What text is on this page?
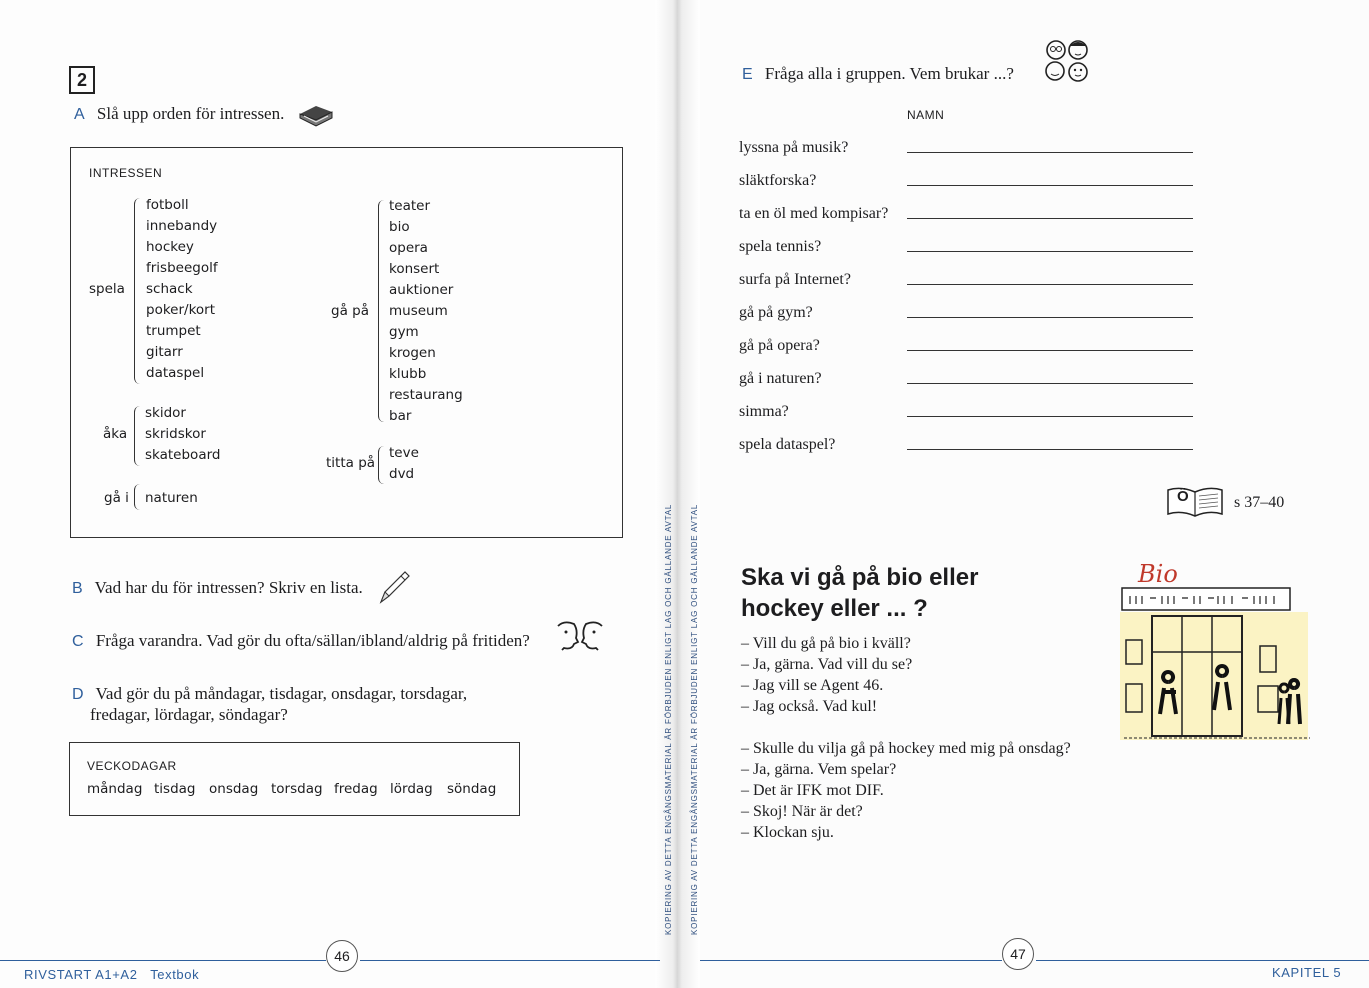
2
A Slå upp orden för intressen.
INTRESSEN
spela
fotboll
innebandy
hockey
frisbeegolf
schack
poker/kort
trumpet
gitarr
dataspel
åka
skidor
skridskor
skateboard
gå i naturen
gå på
teater
bio
opera
konsert
auktioner
museum
gym
krogen
klubb
restaurang
bar
titta på
teve
dvd
B Vad har du för intressen? Skriv en lista.
C Fråga varandra. Vad gör du ofta/sällan/ibland/aldrig på fritiden?
D Vad gör du på måndagar, tisdagar, onsdagar, torsdagar,
fredagar, lördagar, söndagar?
VECKODAGAR
måndag tisdag onsdag torsdag fredag lördag söndag
46
RIVSTART A1+A2 Textbok
KOPIERING AV DETTA ENGÅNGSMATERIAL ÄR FÖRBJUDEN ENLIGT LAG OCH GÄLLANDE AVTAL KOPIERING AV DETTA ENGÅNGSMATERIAL ÄR FÖRBJUDEN ENLIGT LAG OCH GÄLLANDE AVTAL
E Fråga alla i gruppen. Vem brukar ...?
NAMN
lyssna på musik?
släktforska?
ta en öl med kompisar?
spela tennis?
surfa på Internet?
gå på gym?
gå på opera?
gå i naturen?
simma?
spela dataspel?
Ö	s 37–40
Ska vi gå på bio eller
hockey eller ... ?
– Vill du gå på bio i kväll?
– Ja, gärna. Vad vill du se?
– Jag vill se Agent 46.
– Jag också. Vad kul!
– Skulle du vilja gå på hockey med mig på onsdag?
– Ja, gärna. Vem spelar?
– Det är IFK mot DIF.
– Skoj! När är det?
– Klockan sju.
Bio
47
KAPITEL 5
